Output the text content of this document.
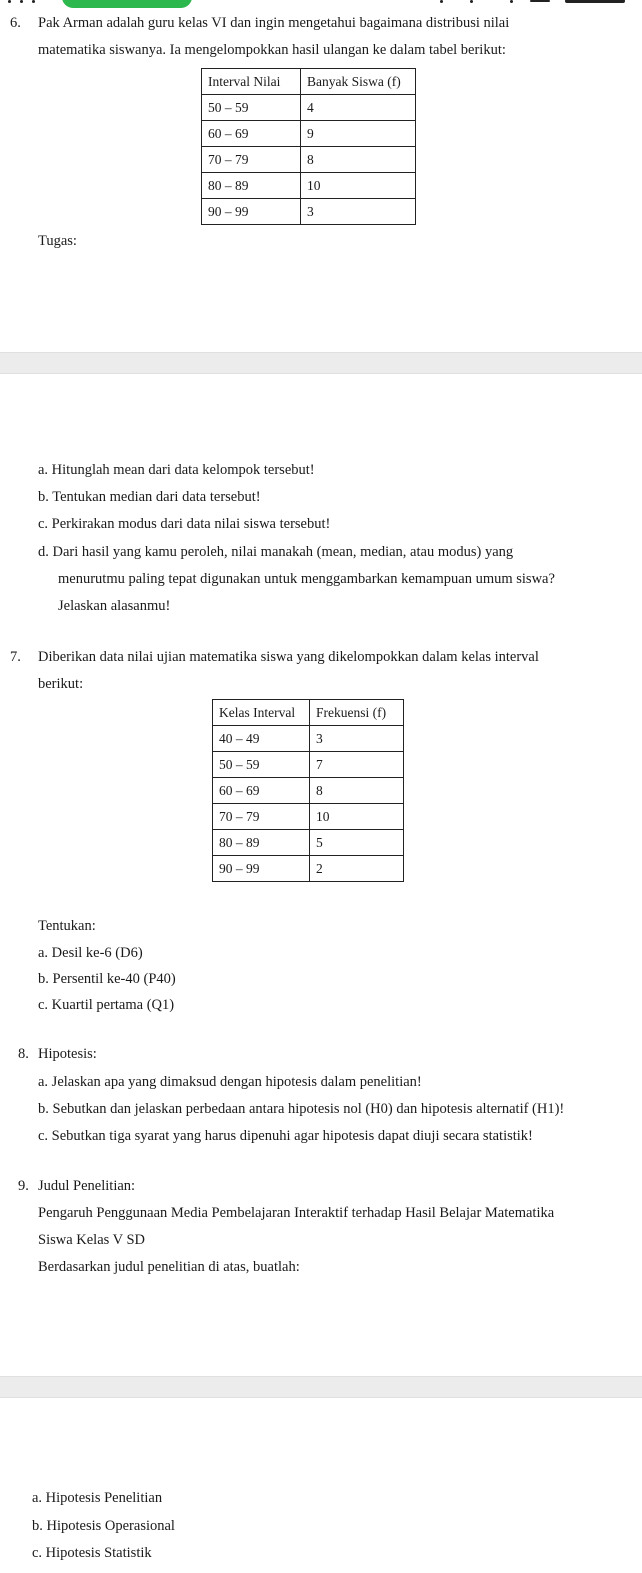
6. Pak Arman adalah guru kelas VI dan ingin mengetahui bagaimana distribusi nilai
matematika siswanya. Ia mengelompokkan hasil ulangan ke dalam tabel berikut:
Interval Nilai	Banyak Siswa (f)
50 – 59	4
60 – 69	9
70 – 79	8
80 – 89	10
90 – 99	3
Tugas:
a. Hitunglah mean dari data kelompok tersebut!
b. Tentukan median dari data tersebut!
c. Perkirakan modus dari data nilai siswa tersebut!
d. Dari hasil yang kamu peroleh, nilai manakah (mean, median, atau modus) yang
menurutmu paling tepat digunakan untuk menggambarkan kemampuan umum siswa?
Jelaskan alasanmu!
7. Diberikan data nilai ujian matematika siswa yang dikelompokkan dalam kelas interval
berikut:
Kelas Interval	Frekuensi (f)
40 – 49	3
50 – 59	7
60 – 69	8
70 – 79	10
80 – 89	5
90 – 99	2
Tentukan:
a. Desil ke-6 (D6)
b. Persentil ke-40 (P40)
c. Kuartil pertama (Q1)
8. Hipotesis:
a. Jelaskan apa yang dimaksud dengan hipotesis dalam penelitian!
b. Sebutkan dan jelaskan perbedaan antara hipotesis nol (H0) dan hipotesis alternatif (H1)!
c. Sebutkan tiga syarat yang harus dipenuhi agar hipotesis dapat diuji secara statistik!
9. Judul Penelitian:
Pengaruh Penggunaan Media Pembelajaran Interaktif terhadap Hasil Belajar Matematika
Siswa Kelas V SD
Berdasarkan judul penelitian di atas, buatlah:
a. Hipotesis Penelitian
b. Hipotesis Operasional
c. Hipotesis Statistik
